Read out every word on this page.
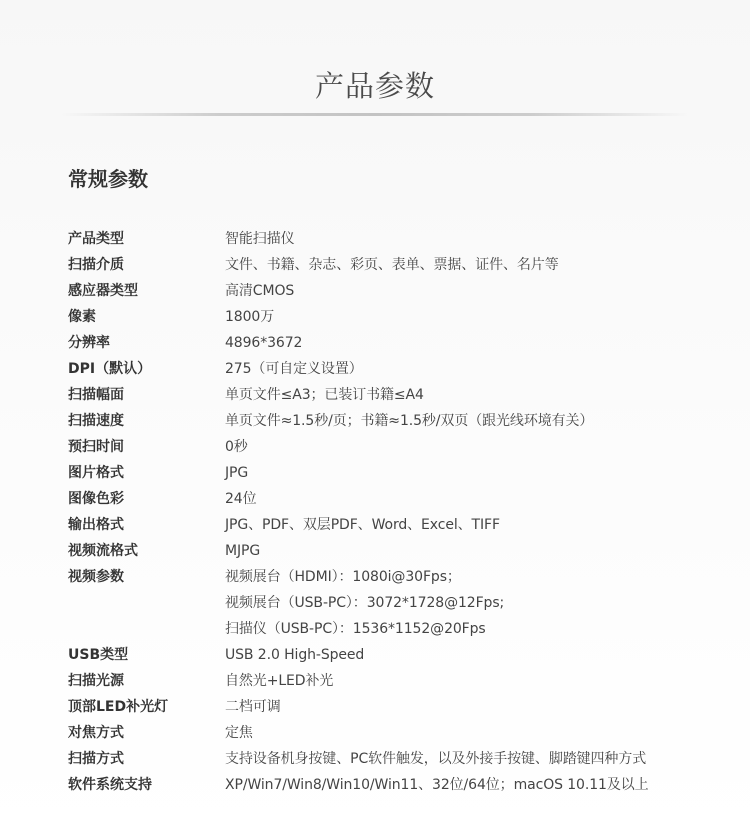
产品参数
常规参数
产品类型	智能扫描仪
扫描介质	文件、书籍、杂志、彩页、表单、票据、证件、名片等
感应器类型	高清CMOS
像素	1800万
分辨率	4896*3672
DPI（默认）	275（可自定义设置）
扫描幅面	单页文件≤A3；已装订书籍≤A4
扫描速度	单页文件≈1.5秒/页；书籍≈1.5秒/双页（跟光线环境有关）
预扫时间	0秒
图片格式	JPG
图像色彩	24位
输出格式	JPG、PDF、双层PDF、Word、Excel、TIFF
视频流格式	MJPG
视频参数	视频展台（HDMI）：1080i@30Fps；
视频展台（USB-PC）：3072*1728@12Fps;
扫描仪（USB-PC）：1536*1152@20Fps
USB类型	USB 2.0 High-Speed
扫描光源	自然光+LED补光
顶部LED补光灯	二档可调
对焦方式	定焦
扫描方式	支持设备机身按键、PC软件触发，以及外接手按键、脚踏键四种方式
软件系统支持	XP/Win7/Win8/Win10/Win11、32位/64位；macOS 10.11及以上
